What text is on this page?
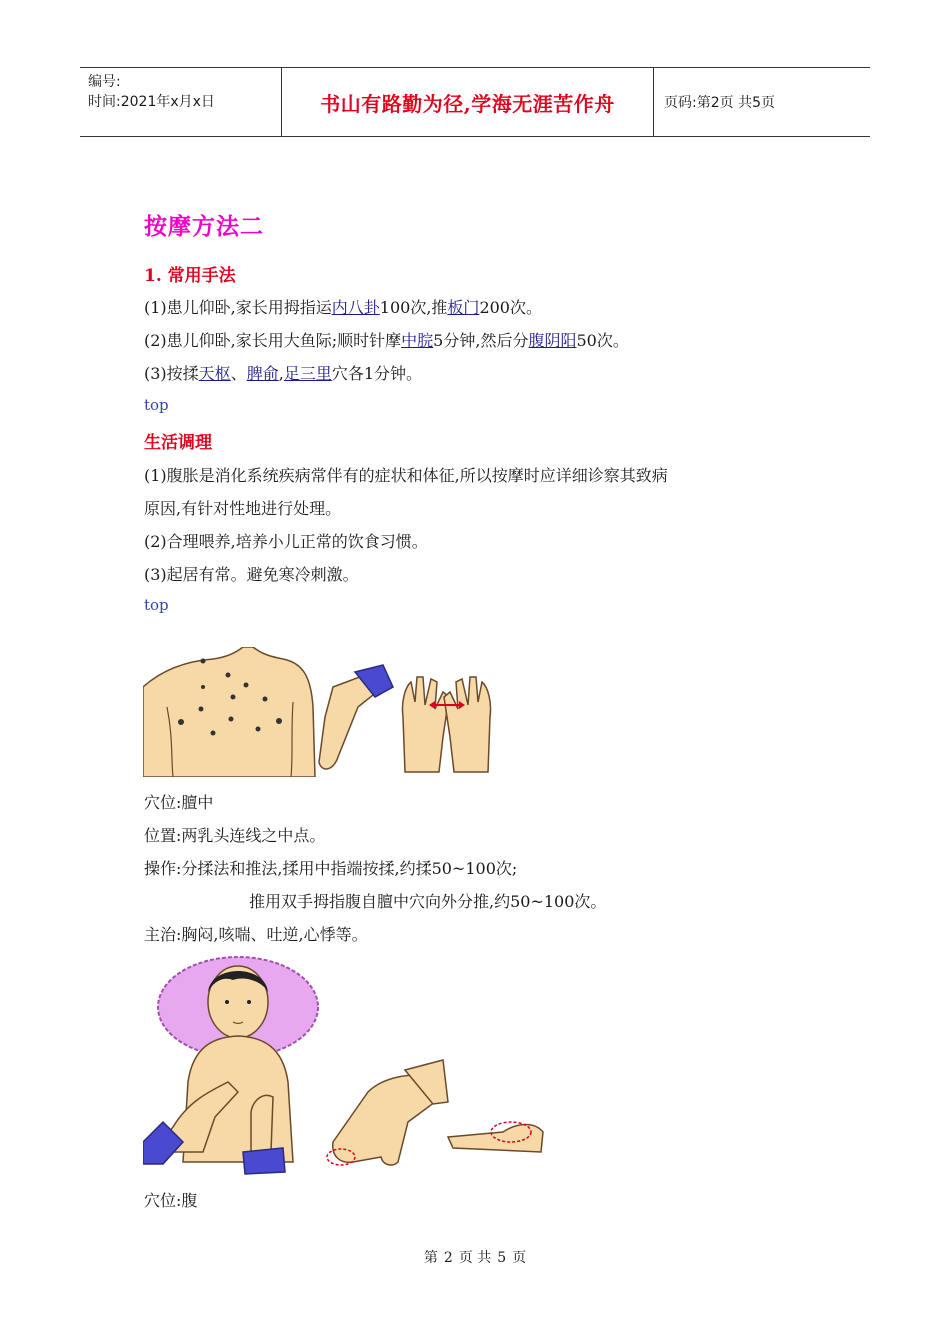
编号:
时间:2021年x月x日	书山有路勤为径,学海无涯苦作舟	页码:第2页 共5页
按摩方法二
1. 常用手法
(1)患儿仰卧,家长用拇指运内八卦100次,推板门200次。
(2)患儿仰卧,家长用大鱼际;顺时针摩中脘5分钟,然后分腹阴阳50次。
(3)按揉天枢、脾俞,足三里穴各1分钟。
top
生活调理
(1)腹胀是消化系统疾病常伴有的症状和体征,所以按摩时应详细诊察其致病
原因,有针对性地进行处理。
(2)合理喂养,培养小儿正常的饮食习惯。
(3)起居有常。避免寒冷刺激。
top
穴位:膻中
位置:两乳头连线之中点。
操作:分揉法和推法,揉用中指端按揉,约揉50~100次;
推用双手拇指腹自膻中穴向外分推,约50~100次。
主治:胸闷,咳喘、吐逆,心悸等。
穴位:腹
第 2 页 共 5 页
